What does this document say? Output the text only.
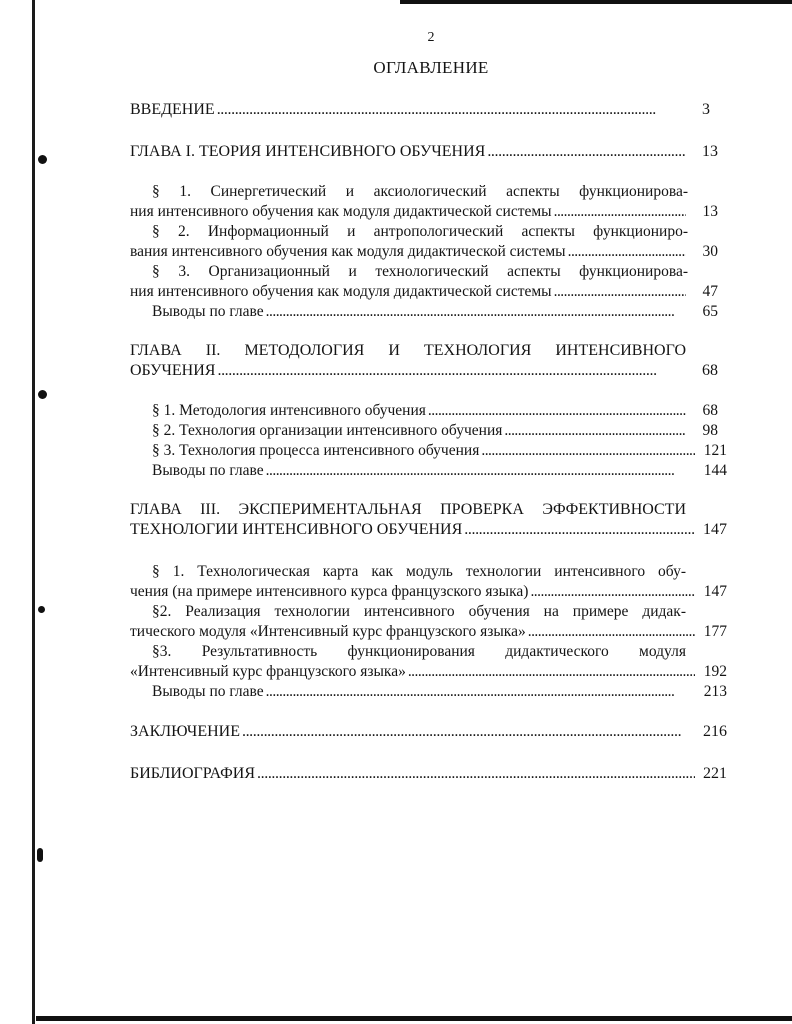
2
ОГЛАВЛЕНИЕ
ВВЕДЕНИЕ . . .	3
ГЛАВА I. ТЕОРИЯ ИНТЕНСИВНОГО ОБУЧЕНИЯ . . .	13
§ 1. Синергетический и аксиологический аспекты функционирова-
ния интенсивного обучения как модуля дидактической системы . . .	13
§ 2. Информационный и антропологический аспекты функциониро-
вания интенсивного обучения как модуля дидактической системы . . .	30
§ 3. Организационный и технологический аспекты функционирова-
ния интенсивного обучения как модуля дидактической системы . . .	47
Выводы по главе . . .	65
ГЛАВА II. МЕТОДОЛОГИЯ И ТЕХНОЛОГИЯ ИНТЕНСИВНОГО
ОБУЧЕНИЯ . . .	68
§ 1. Методология интенсивного обучения . . .	68
§ 2. Технология организации интенсивного обучения . . .	98
§ 3. Технология процесса интенсивного обучения . . .	121
Выводы по главе . . .	144
ГЛАВА III. ЭКСПЕРИМЕНТАЛЬНАЯ ПРОВЕРКА ЭФФЕКТИВНОСТИ
ТЕХНОЛОГИИ ИНТЕНСИВНОГО ОБУЧЕНИЯ . . .	147
§ 1. Технологическая карта как модуль технологии интенсивного обу-
чения (на примере интенсивного курса французского языка) . . .	147
§2. Реализация технологии интенсивного обучения на примере дидак-
тического модуля «Интенсивный курс французского языка» . . .	177
§3. Результативность функционирования дидактического модуля
«Интенсивный курс французского языка» . . .	192
Выводы по главе . . .	213
ЗАКЛЮЧЕНИЕ . . .	216
БИБЛИОГРАФИЯ . . .	221
